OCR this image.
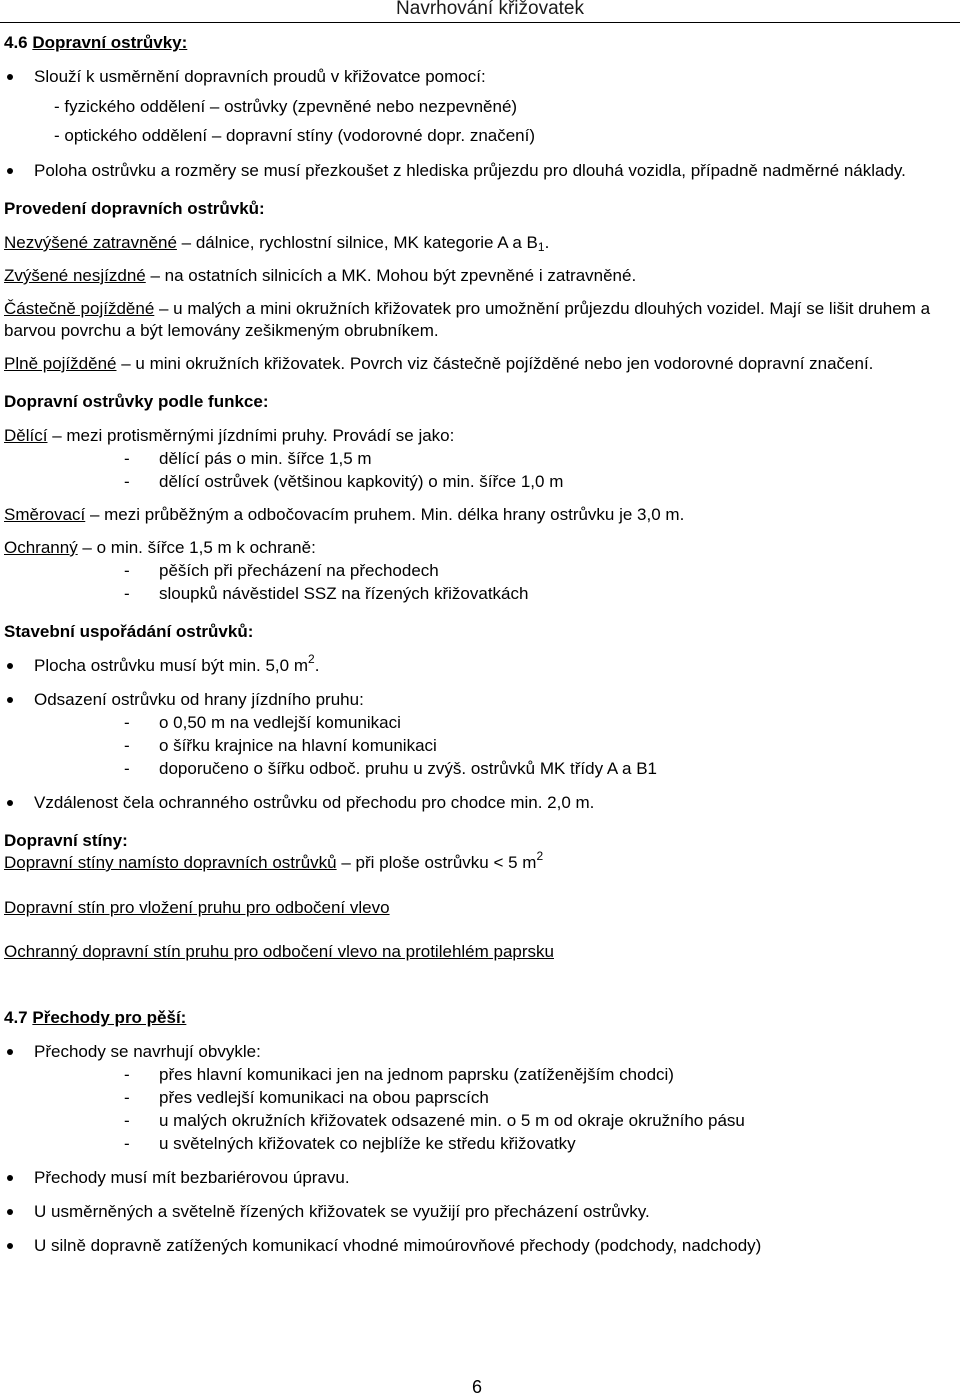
Navrhování křižovatek

4.6 Dopravní ostrůvky:

Slouží k usměrnění dopravních proudů v křižovatce pomocí:

- fyzického oddělení – ostrůvky (zpevněné nebo nezpevněné)

- optického oddělení – dopravní stíny (vodorovné dopr. značení)

Poloha ostrůvku a rozměry se musí přezkoušet z hlediska průjezdu pro dlouhá vozidla, případně nadměrné náklady.

Provedení dopravních ostrůvků:

Nezvýšené zatravněné – dálnice, rychlostní silnice, MK kategorie A a $B_1$.

Zvýšené nesjízdné – na ostatních silnicích a MK. Mohou být zpevněné i zatravněné.

Částečně pojížděné – u malých a mini okružních křižovatek pro umožnění průjezdu dlouhých vozidel. Mají se lišit druhem a barvou povrchu a být lemovány zešikmeným obrubníkem.

Plně pojížděné – u mini okružních křižovatek. Povrch viz částečně pojížděné nebo jen vodorovné dopravní značení.

Dopravní ostrůvky podle funkce:

Dělící – mezi protisměrnými jízdními pruhy. Provádí se jako:

- dělící pás o min. šířce 1,5 m

- dělící ostrůvek (většinou kapkovitý) o min. šířce 1,0 m

Směrovací – mezi průběžným a odbočovacím pruhem. Min. délka hrany ostrůvku je 3,0 m.

Ochranný – o min. šířce 1,5 m k ochraně:

- pěších při přecházení na přechodech

- sloupků návěstidel SSZ na řízených křižovatkách

Stavební uspořádání ostrůvků:

Plocha ostrůvku musí být min. 5,0 $m^2$.

Odsazení ostrůvku od hrany jízdního pruhu:

- o 0,50 m na vedlejší komunikaci

- o šířku krajnice na hlavní komunikaci

- doporučeno o šířku odboč. pruhu u zvýš. ostrůvků MK třídy A a B1

Vzdálenost čela ochranného ostrůvku od přechodu pro chodce min. 2,0 m.

Dopravní stíny:

Dopravní stíny namísto dopravních ostrůvků – při ploše ostrůvku < 5 $m^2$

Dopravní stín pro vložení pruhu pro odbočení vlevo

Ochranný dopravní stín pruhu pro odbočení vlevo na protilehlém paprsku

4.7 Přechody pro pěší:

Přechody se navrhují obvykle:

- přes hlavní komunikaci jen na jednom paprsku (zatíženějším chodci)

- přes vedlejší komunikaci na obou paprscích

- u malých okružních křižovatek odsazené min. o 5 m od okraje okružního pásu

- u světelných křižovatek co nejblíže ke středu křižovatky

Přechody musí mít bezbariérovou úpravu.

U usměrněných a světelně řízených křižovatek se využijí pro přecházení ostrůvky.

U silně dopravně zatížených komunikací vhodné mimoúrovňové přechody (podchody, nadchody)

6
